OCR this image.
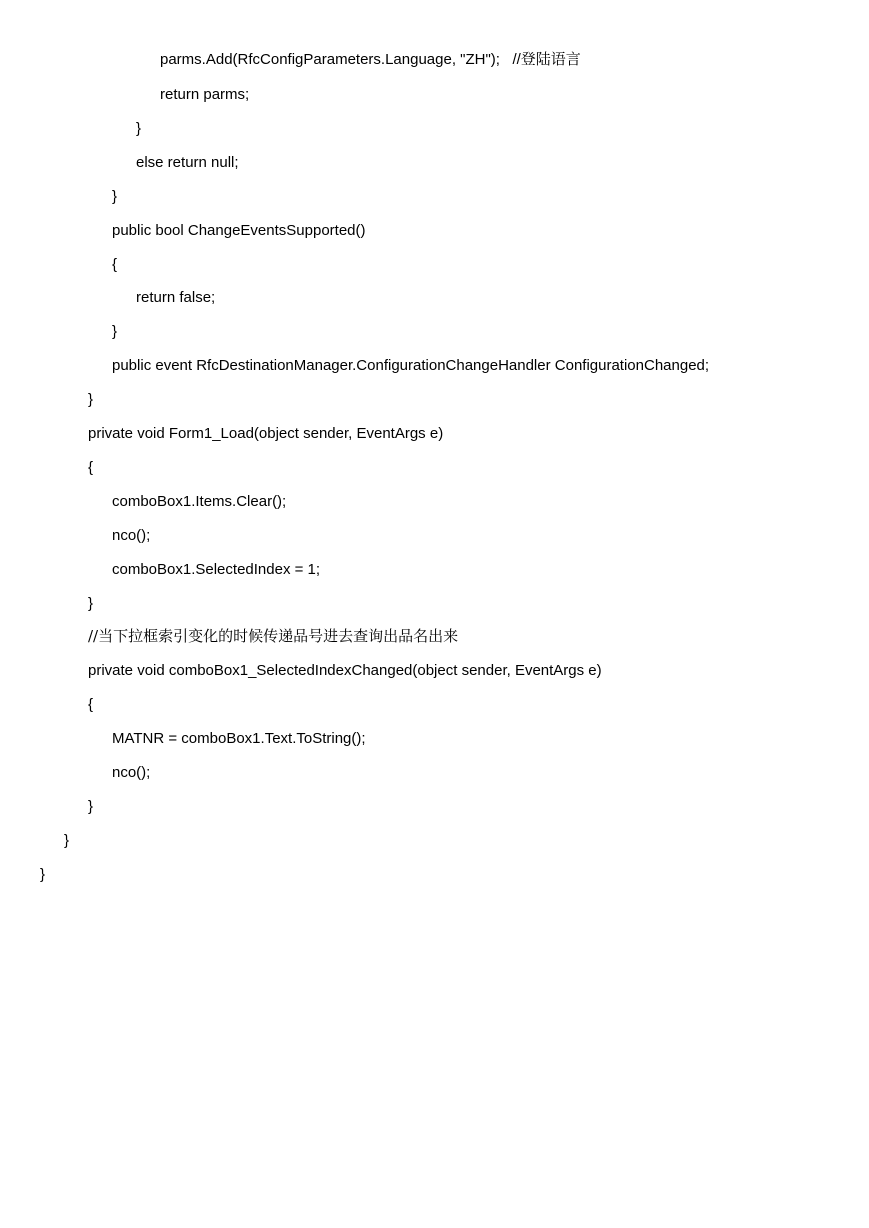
parms.Add(RfcConfigParameters.Language, "ZH");   //登陆语言
return parms;
}
else return null;
}
public bool ChangeEventsSupported()
{
return false;
}
public event RfcDestinationManager.ConfigurationChangeHandler ConfigurationChanged;
}
private void Form1_Load(object sender, EventArgs e)
{
comboBox1.Items.Clear();
nco();
comboBox1.SelectedIndex = 1;
}
//当下拉框索引变化的时候传递品号进去查询出品名出来
private void comboBox1_SelectedIndexChanged(object sender, EventArgs e)
{
MATNR = comboBox1.Text.ToString();
nco();
}
}
}
